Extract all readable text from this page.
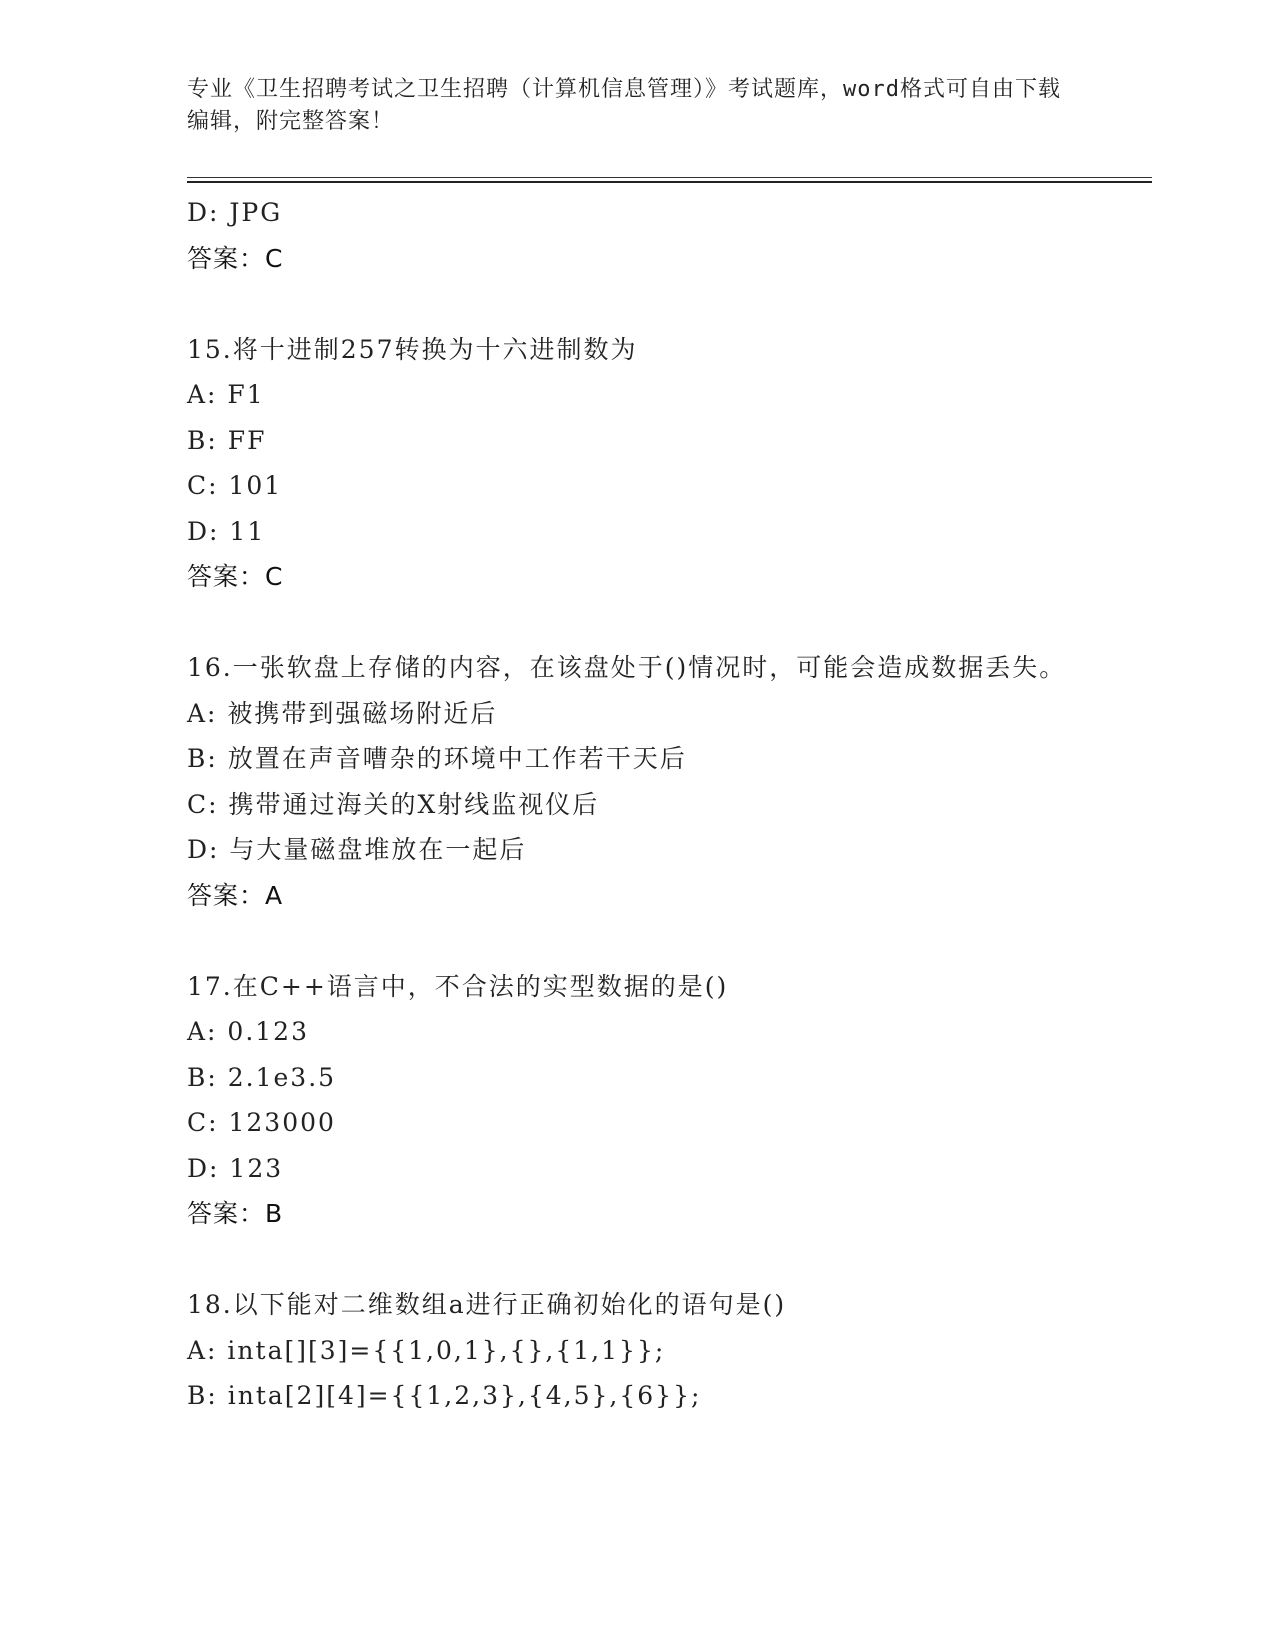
专业《卫生招聘考试之卫生招聘（计算机信息管理）》考试题库，word格式可自由下载编辑，附完整答案！
D: JPG
答案：C
15.将十进制257转换为十六进制数为
A: F1
B: FF
C: 101
D: 11
答案：C
16.一张软盘上存储的内容，在该盘处于()情况时，可能会造成数据丢失。
A: 被携带到强磁场附近后
B: 放置在声音嘈杂的环境中工作若干天后
C: 携带通过海关的X射线监视仪后
D: 与大量磁盘堆放在一起后
答案：A
17.在C++语言中，不合法的实型数据的是()
A: 0.123
B: 2.1e3.5
C: 123000
D: 123
答案：B
18.以下能对二维数组a进行正确初始化的语句是()
A: inta[][3]={{1,0,1},{},{1,1}};
B: inta[2][4]={{1,2,3},{4,5},{6}};
